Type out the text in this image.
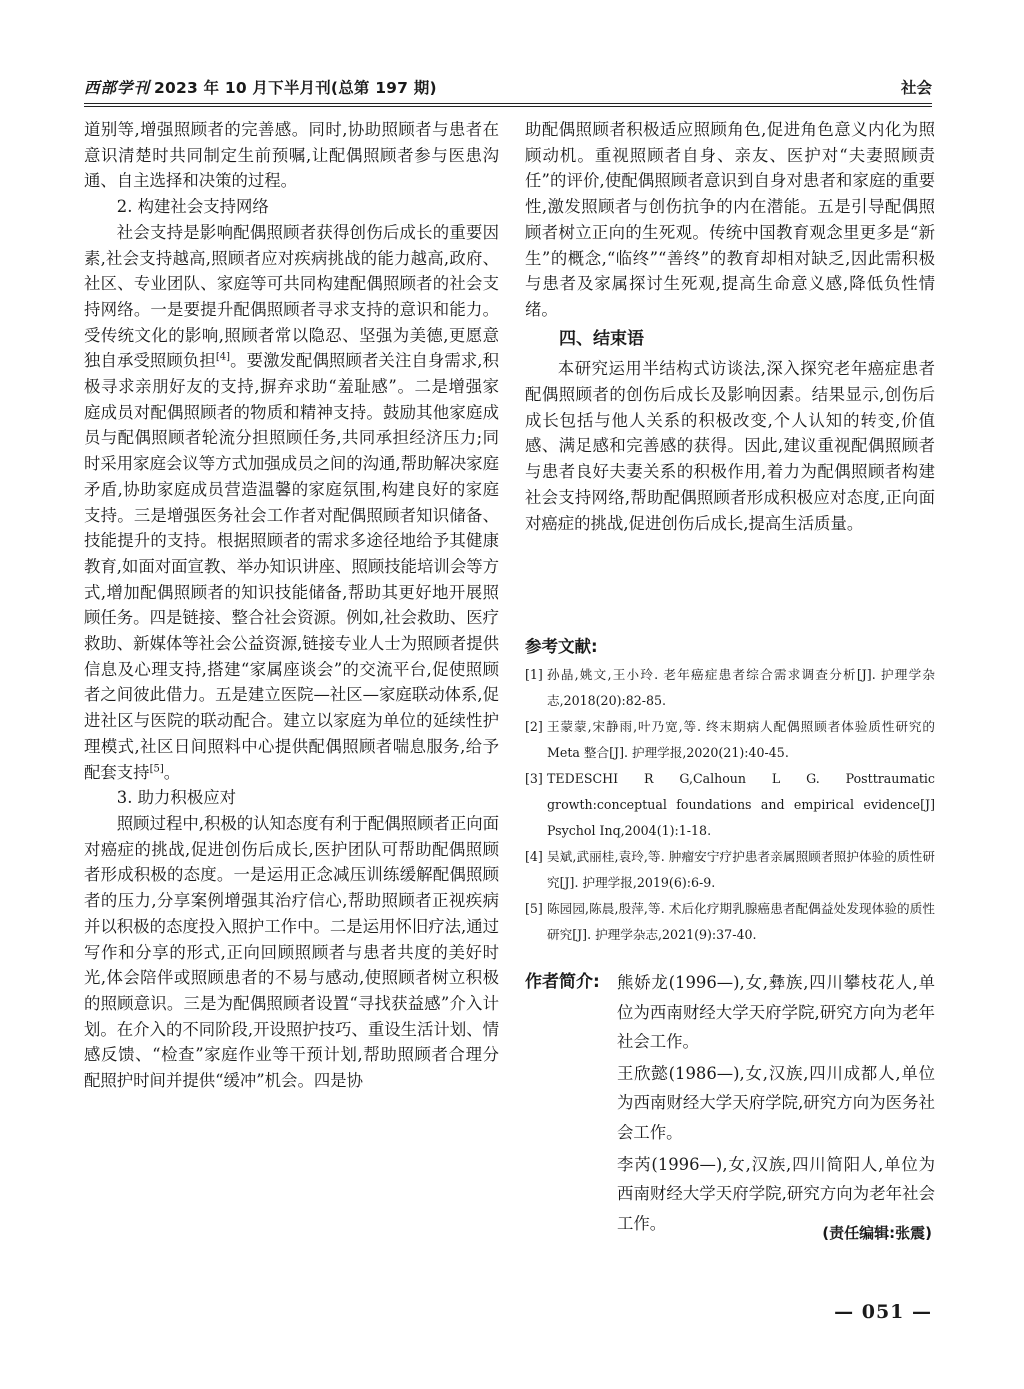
西部学刊 2023 年 10 月下半月刊(总第 197 期)	社会

道别等,增强照顾者的完善感。同时,协助照顾者与患者在意识清楚时共同制定生前预嘱,让配偶照顾者参与医患沟通、自主选择和决策的过程。

2. 构建社会支持网络

社会支持是影响配偶照顾者获得创伤后成长的重要因素,社会支持越高,照顾者应对疾病挑战的能力越高,政府、社区、专业团队、家庭等可共同构建配偶照顾者的社会支持网络。一是要提升配偶照顾者寻求支持的意识和能力。受传统文化的影响,照顾者常以隐忍、坚强为美德,更愿意独自承受照顾负担[4]。要激发配偶照顾者关注自身需求,积极寻求亲朋好友的支持,摒弃求助“羞耻感”。二是增强家庭成员对配偶照顾者的物质和精神支持。鼓励其他家庭成员与配偶照顾者轮流分担照顾任务,共同承担经济压力;同时采用家庭会议等方式加强成员之间的沟通,帮助解决家庭矛盾,协助家庭成员营造温馨的家庭氛围,构建良好的家庭支持。三是增强医务社会工作者对配偶照顾者知识储备、技能提升的支持。根据照顾者的需求多途径地给予其健康教育,如面对面宣教、举办知识讲座、照顾技能培训会等方式,增加配偶照顾者的知识技能储备,帮助其更好地开展照顾任务。四是链接、整合社会资源。例如,社会救助、医疗救助、新媒体等社会公益资源,链接专业人士为照顾者提供信息及心理支持,搭建“家属座谈会”的交流平台,促使照顾者之间彼此借力。五是建立医院—社区—家庭联动体系,促进社区与医院的联动配合。建立以家庭为单位的延续性护理模式,社区日间照料中心提供配偶照顾者喘息服务,给予配套支持[5]。

3. 助力积极应对

照顾过程中,积极的认知态度有利于配偶照顾者正向面对癌症的挑战,促进创伤后成长,医护团队可帮助配偶照顾者形成积极的态度。一是运用正念减压训练缓解配偶照顾者的压力,分享案例增强其治疗信心,帮助照顾者正视疾病并以积极的态度投入照护工作中。二是运用怀旧疗法,通过写作和分享的形式,正向回顾照顾者与患者共度的美好时光,体会陪伴或照顾患者的不易与感动,使照顾者树立积极的照顾意识。三是为配偶照顾者设置“寻找获益感”介入计划。在介入的不同阶段,开设照护技巧、重设生活计划、情感反馈、“检查”家庭作业等干预计划,帮助照顾者合理分配照护时间并提供“缓冲”机会。四是协

助配偶照顾者积极适应照顾角色,促进角色意义内化为照顾动机。重视照顾者自身、亲友、医护对“夫妻照顾责任”的评价,使配偶照顾者意识到自身对患者和家庭的重要性,激发照顾者与创伤抗争的内在潜能。五是引导配偶照顾者树立正向的生死观。传统中国教育观念里更多是“新生”的概念,“临终”“善终”的教育却相对缺乏,因此需积极与患者及家属探讨生死观,提高生命意义感,降低负性情绪。

四、结束语

本研究运用半结构式访谈法,深入探究老年癌症患者配偶照顾者的创伤后成长及影响因素。结果显示,创伤后成长包括与他人关系的积极改变,个人认知的转变,价值感、满足感和完善感的获得。因此,建议重视配偶照顾者与患者良好夫妻关系的积极作用,着力为配偶照顾者构建社会支持网络,帮助配偶照顾者形成积极应对态度,正向面对癌症的挑战,促进创伤后成长,提高生活质量。

参考文献:
[1] 孙晶,姚文,王小玲. 老年癌症患者综合需求调查分析[J]. 护理学杂志,2018(20):82-85.
[2] 王蒙蒙,宋静雨,叶乃宽,等. 终末期病人配偶照顾者体验质性研究的 Meta 整合[J]. 护理学报,2020(21):40-45.
[3] TEDESCHI R G,Calhoun L G. Posttraumatic growth:conceptual foundations and empirical evidence[J] Psychol Inq,2004(1):1-18.
[4] 吴斌,武丽桂,袁玲,等. 肿瘤安宁疗护患者亲属照顾者照护体验的质性研究[J]. 护理学报,2019(6):6-9.
[5] 陈园园,陈晨,殷萍,等. 术后化疗期乳腺癌患者配偶益处发现体验的质性研究[J]. 护理学杂志,2021(9):37-40.
作者简介:	熊娇龙(1996—),女,彝族,四川攀枝花人,单位为西南财经大学天府学院,研究方向为老年社会工作。

王欣懿(1986—),女,汉族,四川成都人,单位为西南财经大学天府学院,研究方向为医务社会工作。

李芮(1996—),女,汉族,四川简阳人,单位为西南财经大学天府学院,研究方向为老年社会工作。

(责任编辑:张震)
— 051 —
